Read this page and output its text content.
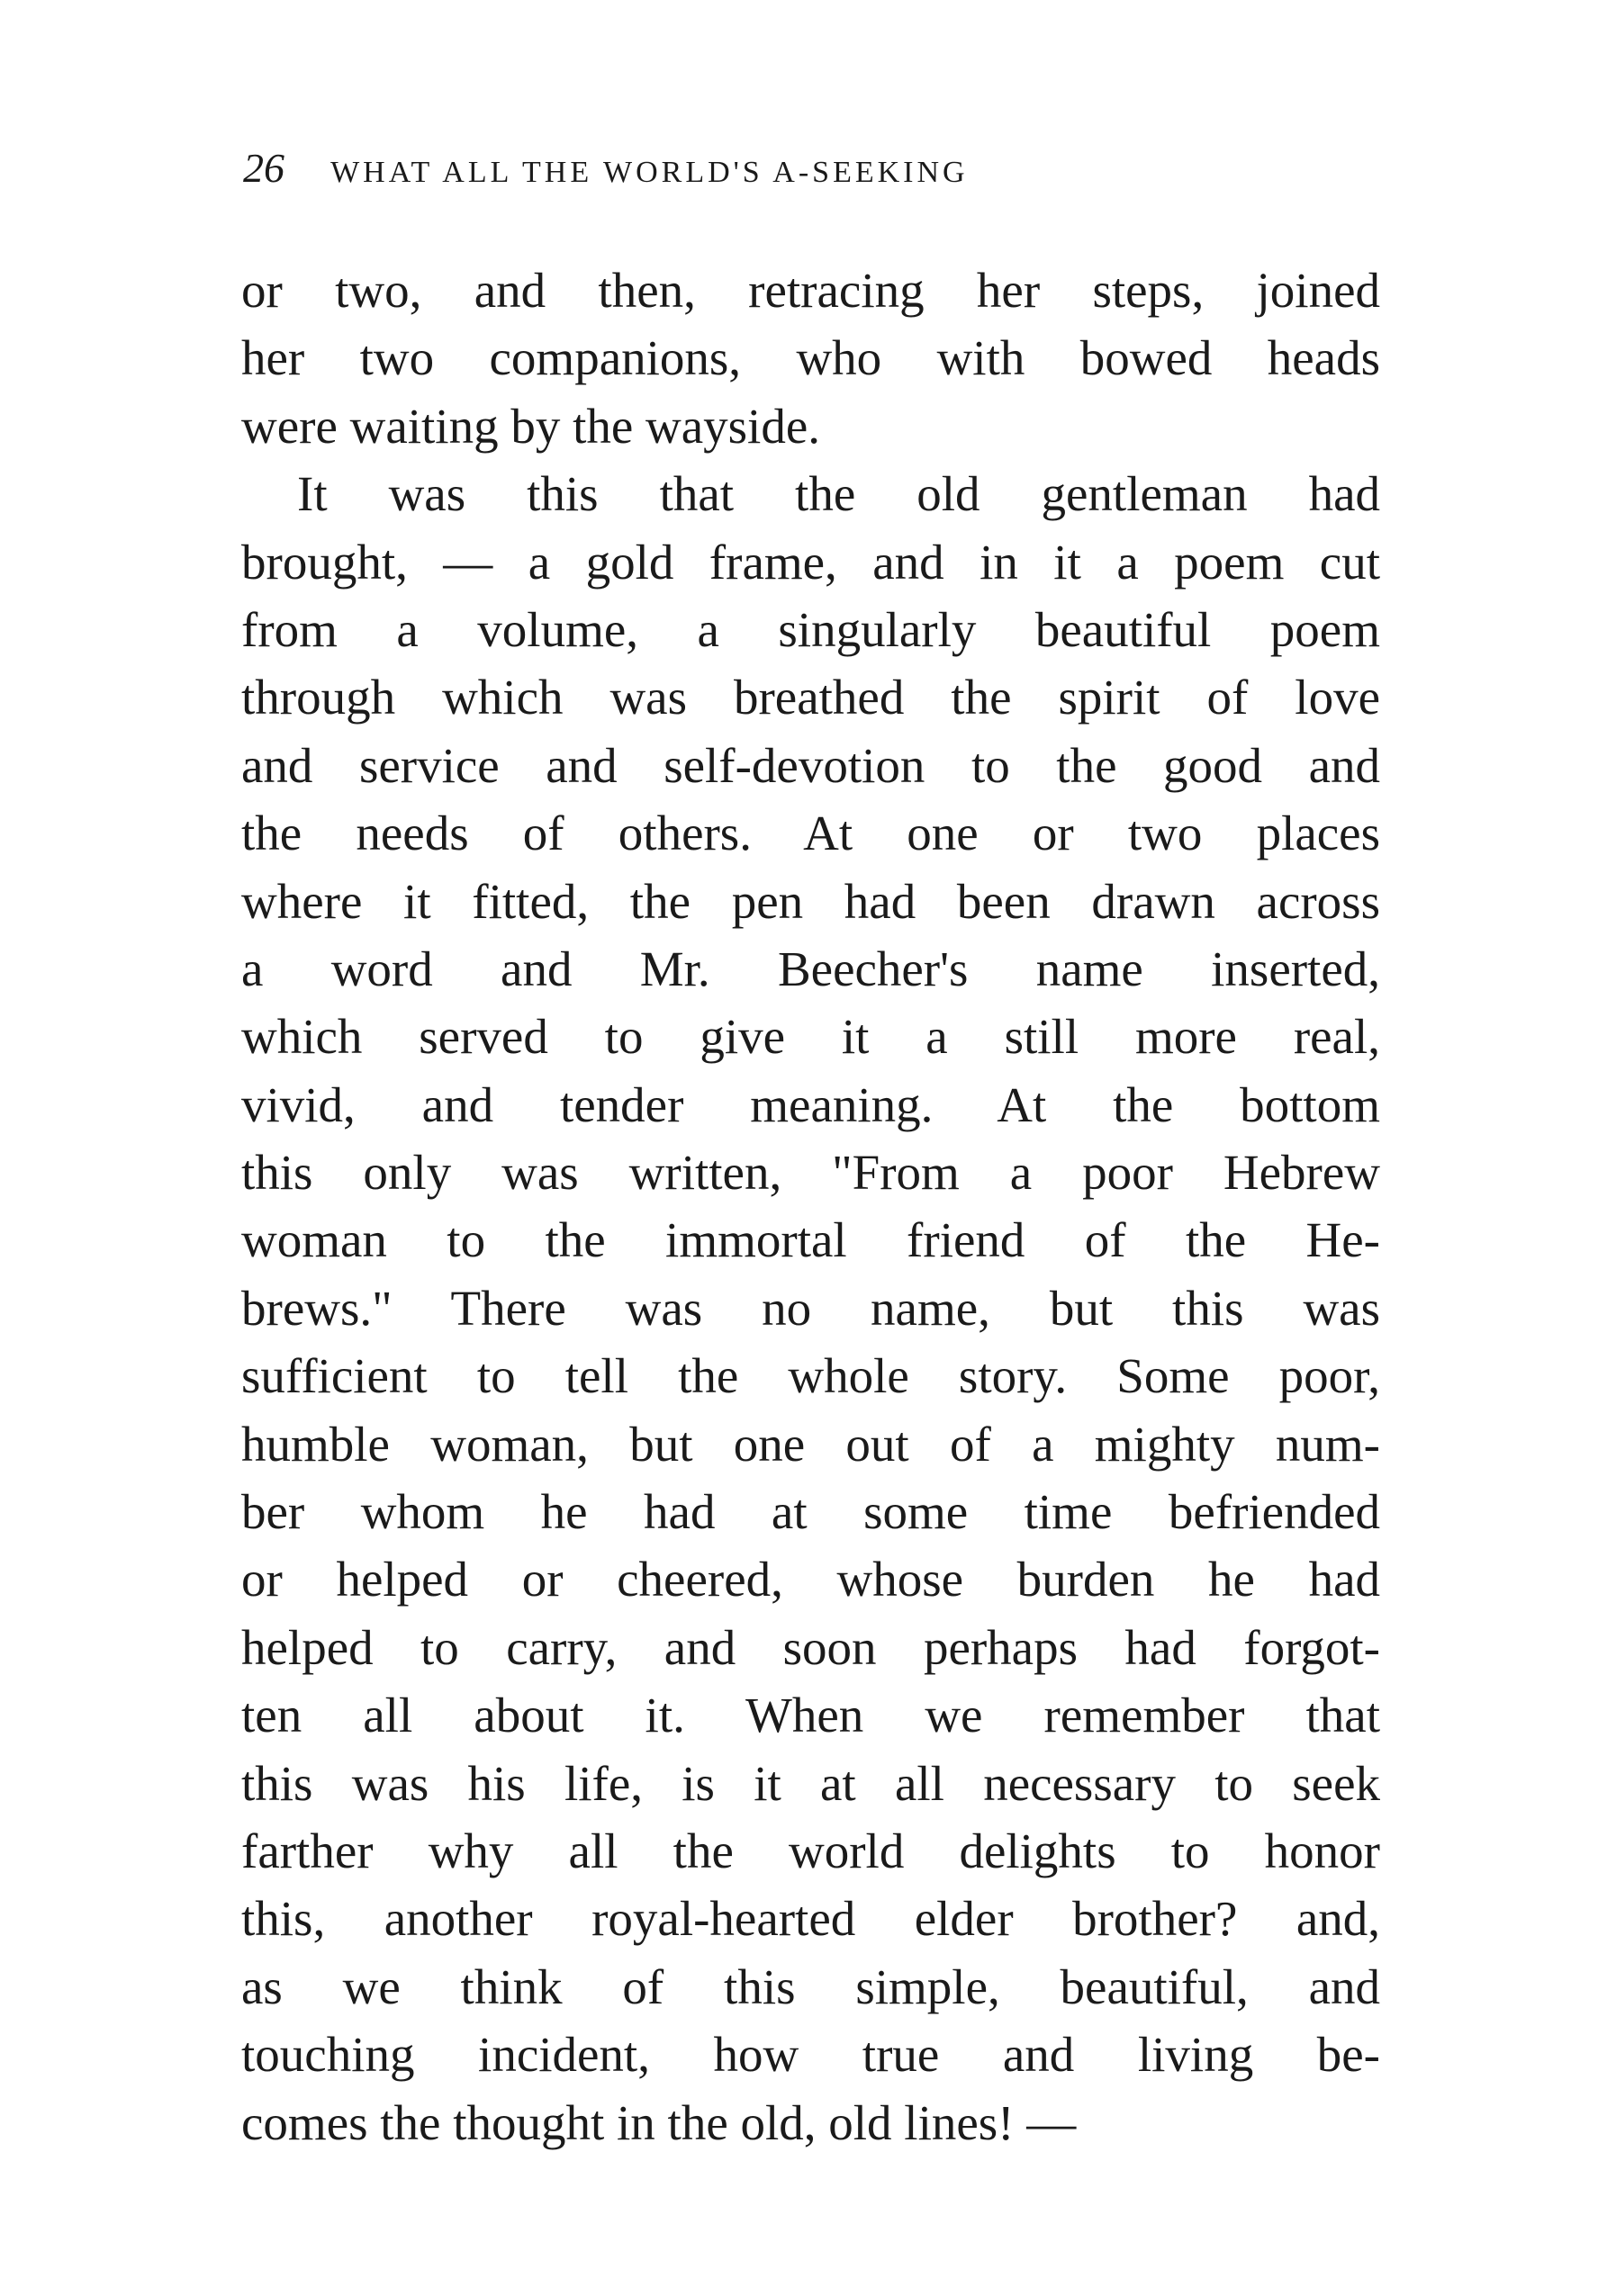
26 WHAT ALL THE WORLD'S A-SEEKING
or two, and then, retracing her steps, joined
her two companions, who with bowed heads
were waiting by the wayside.
It was this that the old gentleman had
brought, — a gold frame, and in it a poem cut
from a volume, a singularly beautiful poem
through which was breathed the spirit of love
and service and self-devotion to the good and
the needs of others. At one or two places
where it fitted, the pen had been drawn across
a word and Mr. Beecher's name inserted,
which served to give it a still more real,
vivid, and tender meaning. At the bottom
this only was written, "From a poor Hebrew
woman to the immortal friend of the He-
brews." There was no name, but this was
sufficient to tell the whole story. Some poor,
humble woman, but one out of a mighty num-
ber whom he had at some time befriended
or helped or cheered, whose burden he had
helped to carry, and soon perhaps had forgot-
ten all about it. When we remember that
this was his life, is it at all necessary to seek
farther why all the world delights to honor
this, another royal-hearted elder brother? and,
as we think of this simple, beautiful, and
touching incident, how true and living be-
comes the thought in the old, old lines! —
